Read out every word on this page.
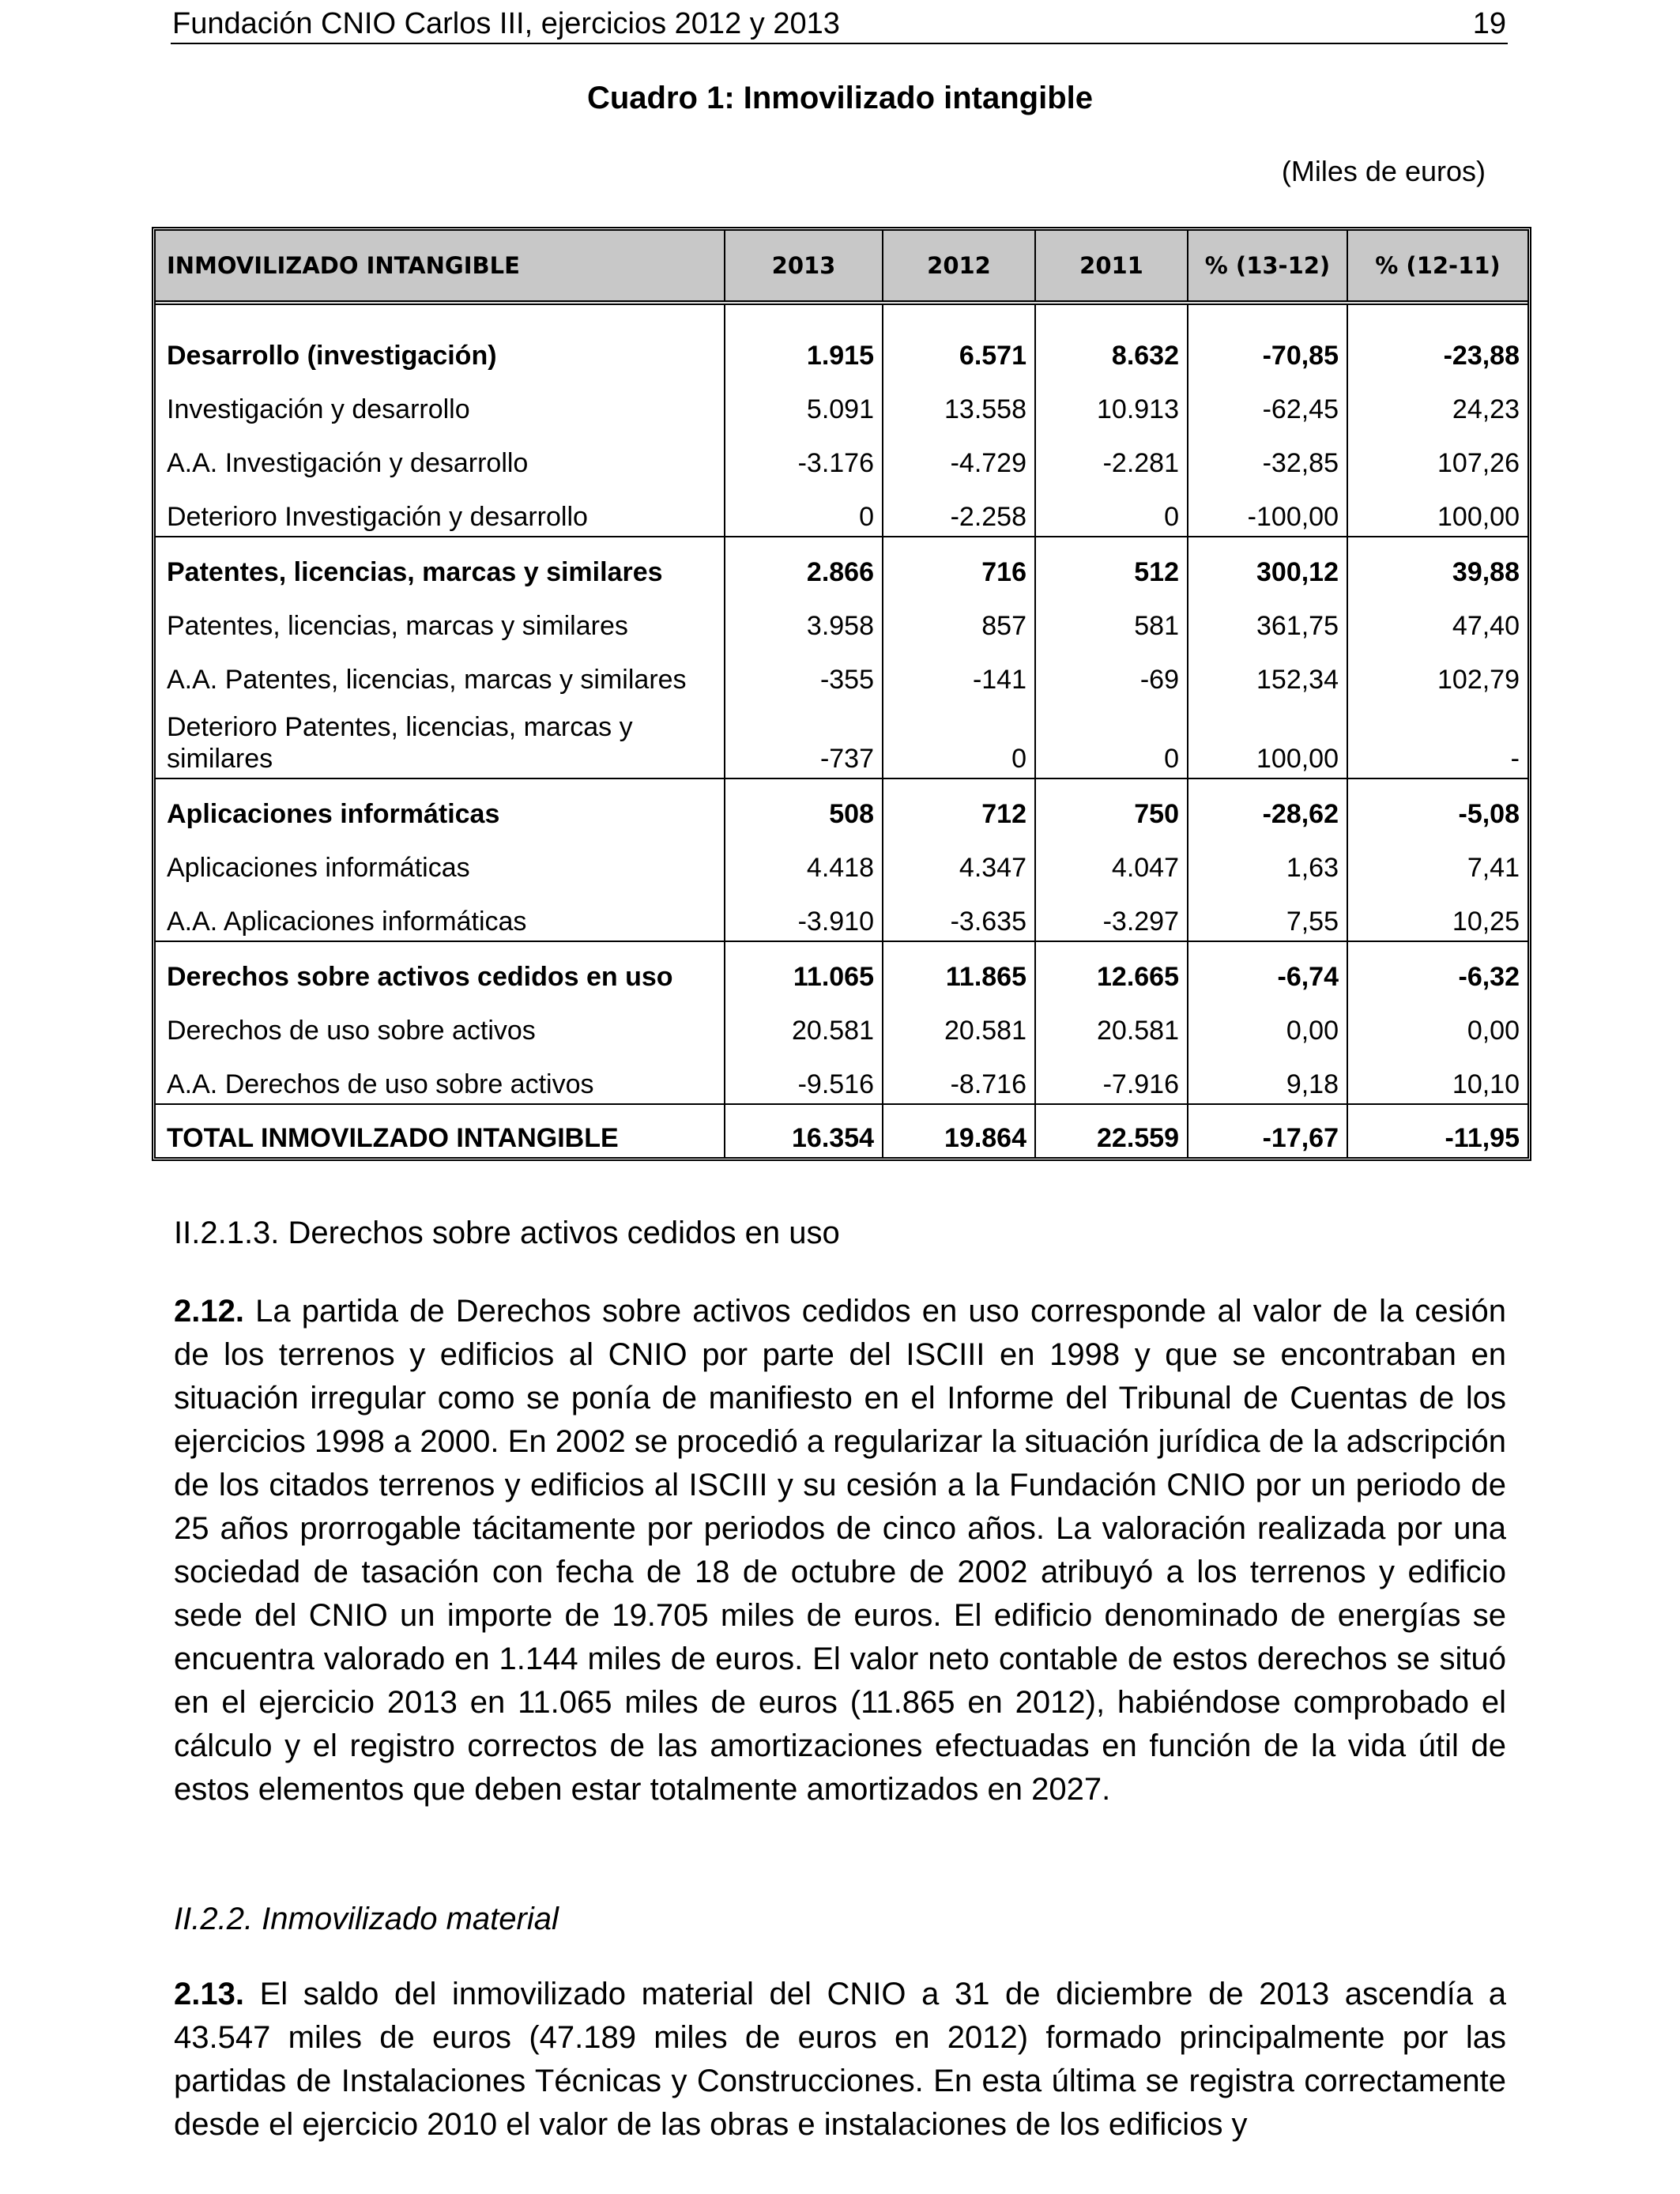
Fundación CNIO Carlos III, ejercicios 2012 y 2013	19
Cuadro 1: Inmovilizado intangible
(Miles de euros)
INMOVILIZADO INTANGIBLE	2013	2012	2011	% (13-12)	% (12-11)

Desarrollo (investigación)	1.915	6.571	8.632	-70,85	-23,88
Investigación y desarrollo	5.091	13.558	10.913	-62,45	24,23
A.A. Investigación y desarrollo	-3.176	-4.729	-2.281	-32,85	107,26
Deterioro Investigación y desarrollo	0	-2.258	0	-100,00	100,00
Patentes, licencias, marcas y similares	2.866	716	512	300,12	39,88
Patentes, licencias, marcas y similares	3.958	857	581	361,75	47,40
A.A. Patentes, licencias, marcas y similares	-355	-141	-69	152,34	102,79
Deterioro Patentes, licencias, marcas y similares	-737	0	0	100,00	-
Aplicaciones informáticas	508	712	750	-28,62	-5,08
Aplicaciones informáticas	4.418	4.347	4.047	1,63	7,41
A.A. Aplicaciones informáticas	-3.910	-3.635	-3.297	7,55	10,25
Derechos sobre activos cedidos en uso	11.065	11.865	12.665	-6,74	-6,32
Derechos de uso sobre activos	20.581	20.581	20.581	0,00	0,00
A.A. Derechos de uso sobre activos	-9.516	-8.716	-7.916	9,18	10,10
TOTAL INMOVILZADO INTANGIBLE	16.354	19.864	22.559	-17,67	-11,95
II.2.1.3. Derechos sobre activos cedidos en uso
2.12. La partida de Derechos sobre activos cedidos en uso corresponde al valor de la cesión de los terrenos y edificios al CNIO por parte del ISCIII en 1998 y que se encontraban en situación irregular como se ponía de manifiesto en el Informe del Tribunal de Cuentas de los ejercicios 1998 a 2000. En 2002 se procedió a regularizar la situación jurídica de la adscripción de los citados terrenos y edificios al ISCIII y su cesión a la Fundación CNIO por un periodo de 25 años prorrogable tácitamente por periodos de cinco años. La valoración realizada por una sociedad de tasación con fecha de 18 de octubre de 2002 atribuyó a los terrenos y edificio sede del CNIO un importe de 19.705 miles de euros. El edificio denominado de energías se encuentra valorado en 1.144 miles de euros. El valor neto contable de estos derechos se situó en el ejercicio 2013 en 11.065 miles de euros (11.865 en 2012), habiéndose comprobado el cálculo y el registro correctos de las amortizaciones efectuadas en función de la vida útil de estos elementos que deben estar totalmente amortizados en 2027.
II.2.2. Inmovilizado material
2.13. El saldo del inmovilizado material del CNIO a 31 de diciembre de 2013 ascendía a 43.547 miles de euros (47.189 miles de euros en 2012) formado principalmente por las partidas de Instalaciones Técnicas y Construcciones. En esta última se registra correctamente desde el ejercicio 2010 el valor de las obras e instalaciones de los edificios y
